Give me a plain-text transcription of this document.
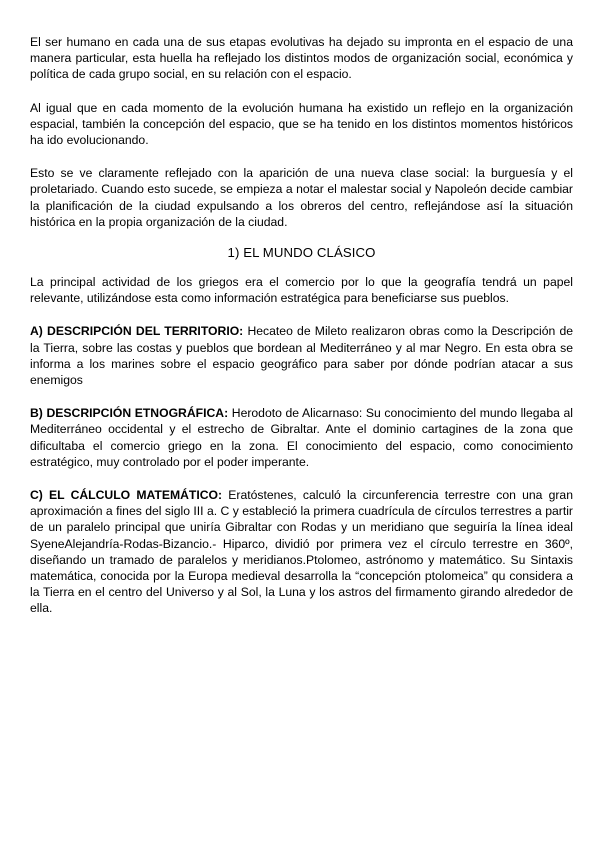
El ser humano en cada una de sus etapas evolutivas ha dejado su impronta en el espacio de una manera particular, esta huella ha reflejado los distintos modos de organización social, económica y política de cada grupo social, en su relación con el espacio.

Al igual que en cada momento de la evolución humana ha existido un reflejo en la organización espacial, también la concepción del espacio, que se ha tenido en los distintos momentos históricos ha ido evolucionando.

Esto se ve claramente reflejado con la aparición de una nueva clase social: la burguesía y el proletariado. Cuando esto sucede, se empieza a notar el malestar social y Napoleón decide cambiar la planificación de la ciudad expulsando a los obreros del centro, reflejándose así la situación histórica en la propia organización de la ciudad.

1) EL MUNDO CLÁSICO

La principal actividad de los griegos era el comercio por lo que la geografía tendrá un papel relevante, utilizándose esta como información estratégica para beneficiarse sus pueblos.

A) DESCRIPCIÓN DEL TERRITORIO: Hecateo de Mileto realizaron obras como la Descripción de la Tierra, sobre las costas y pueblos que bordean al Mediterráneo y al mar Negro. En esta obra se informa a los marines sobre el espacio geográfico para saber por dónde podrían atacar a sus enemigos

B) DESCRIPCIÓN ETNOGRÁFICA: Herodoto de Alicarnaso: Su conocimiento del mundo llegaba al Mediterráneo occidental y el estrecho de Gibraltar. Ante el dominio cartagines de la zona que dificultaba el comercio griego en la zona. El conocimiento del espacio, como conocimiento estratégico, muy controlado por el poder imperante.

C) EL CÁLCULO MATEMÁTICO: Eratóstenes, calculó la circunferencia terrestre con una gran aproximación a fines del siglo III a. C y estableció la primera cuadrícula de círculos terrestres a partir de un paralelo principal que uniría Gibraltar con Rodas y un meridiano que seguiría la línea ideal SyeneAlejandría-Rodas-Bizancio.- Hiparco, dividió por primera vez el círculo terrestre en 360º, diseñando un tramado de paralelos y meridianos.Ptolomeo, astrónomo y matemático. Su Sintaxis matemática, conocida por la Europa medieval desarrolla la “concepción ptolomeica” qu considera a la Tierra en el centro del Universo y al Sol, la Luna y los astros del firmamento girando alrededor de ella.
